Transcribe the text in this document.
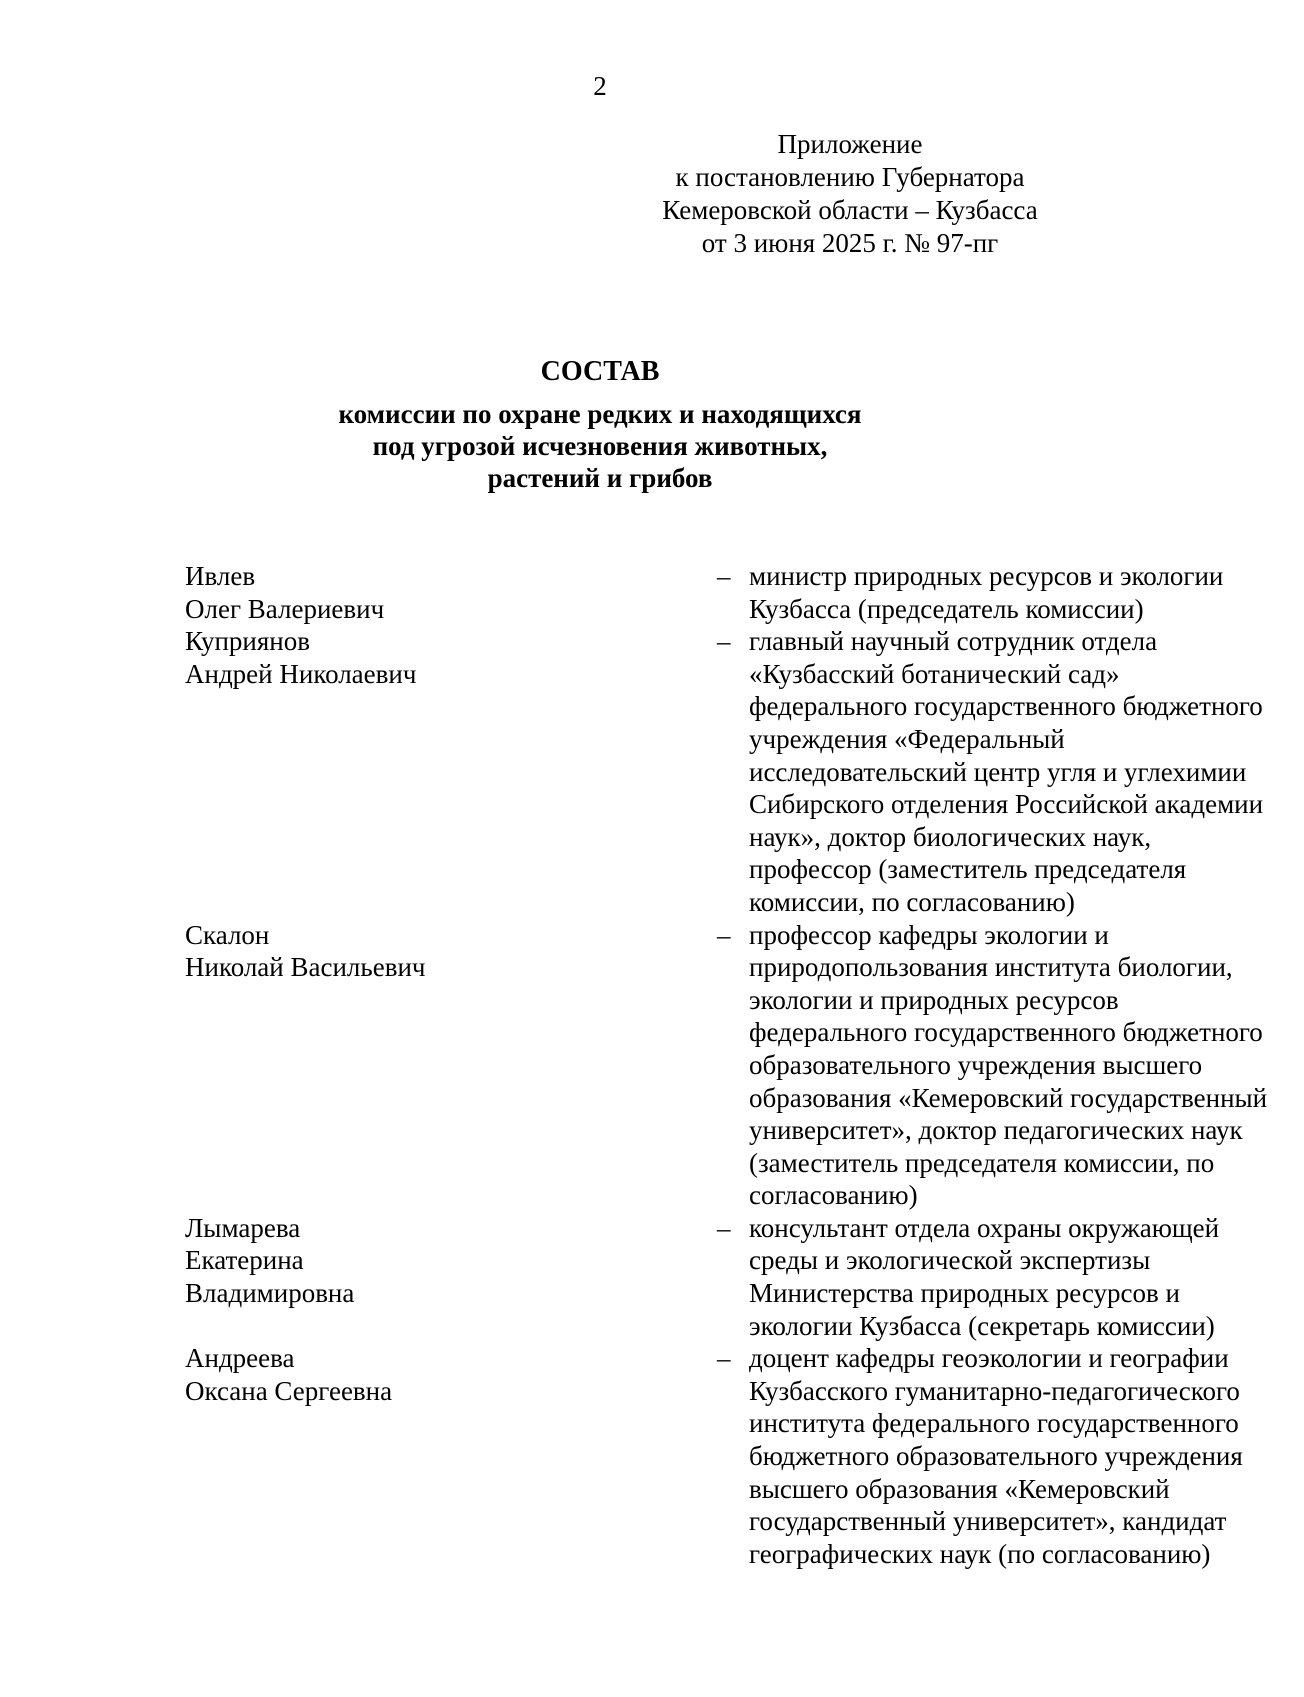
2
Приложение
к постановлению Губернатора
Кемеровской области – Кузбасса
от 3 июня 2025 г. № 97-пг
СОСТАВ
комиссии по охране редких и находящихся
под угрозой исчезновения животных,
растений и грибов
Ивлев
Олег Валериевич
– министр природных ресурсов и экологии
Кузбасса (председатель комиссии)
Куприянов
Андрей Николаевич
– главный научный сотрудник отдела
«Кузбасский ботанический сад»
федерального государственного бюджетного
учреждения «Федеральный
исследовательский центр угля и углехимии
Сибирского отделения Российской академии
наук», доктор биологических наук,
профессор (заместитель председателя
комиссии, по согласованию)
Скалон
Николай Васильевич
– профессор кафедры экологии и
природопользования института биологии,
экологии и природных ресурсов
федерального государственного бюджетного
образовательного учреждения высшего
образования «Кемеровский государственный
университет», доктор педагогических наук
(заместитель председателя комиссии, по
согласованию)
Лымарева
Екатерина
Владимировна
– консультант отдела охраны окружающей
среды и экологической экспертизы
Министерства природных ресурсов и
экологии Кузбасса (секретарь комиссии)
Андреева
Оксана Сергеевна
– доцент кафедры геоэкологии и географии
Кузбасского гуманитарно-педагогического
института федерального государственного
бюджетного образовательного учреждения
высшего образования «Кемеровский
государственный университет», кандидат
географических наук (по согласованию)
